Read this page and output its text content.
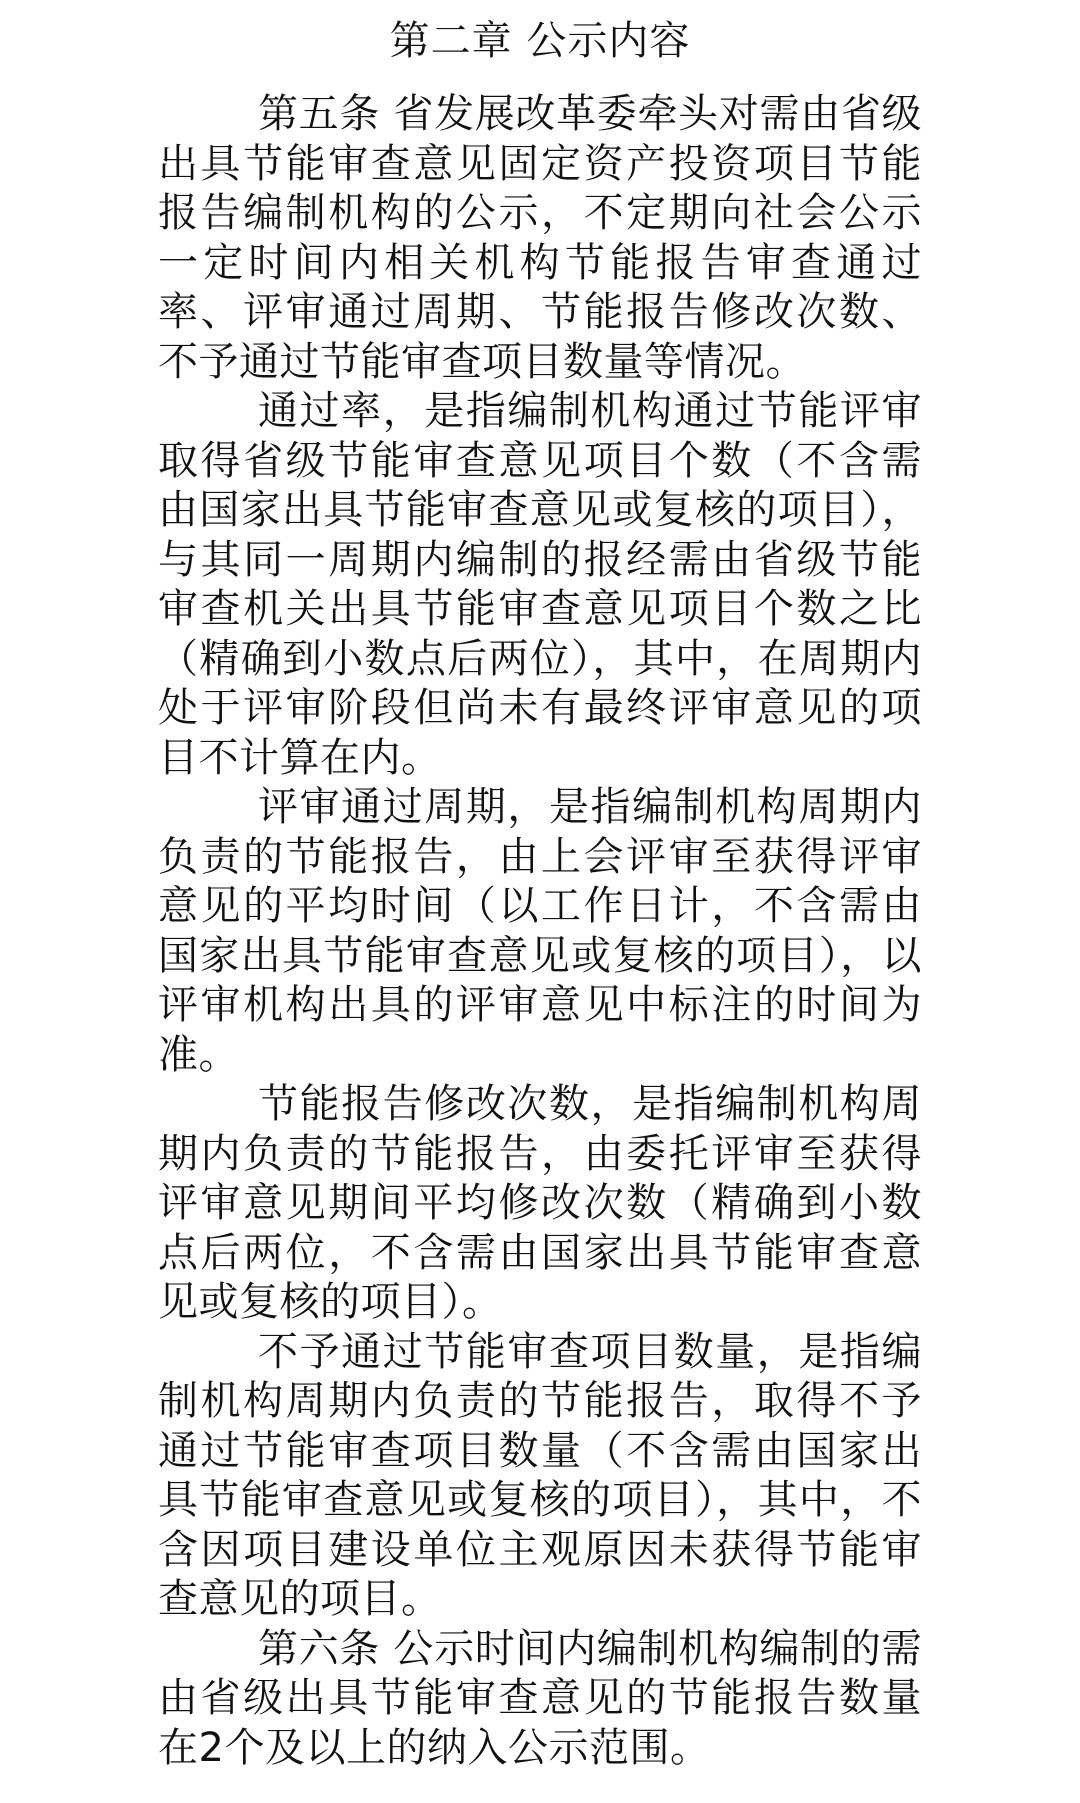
第二章 公示内容

第五条 省发展改革委牵头对需由省级出具节能审查意见固定资产投资项目节能报告编制机构的公示，不定期向社会公示一定时间内相关机构节能报告审查通过率、评审通过周期、节能报告修改次数、不予通过节能审查项目数量等情况。

通过率，是指编制机构通过节能评审取得省级节能审查意见项目个数（不含需由国家出具节能审查意见或复核的项目），与其同一周期内编制的报经需由省级节能审查机关出具节能审查意见项目个数之比（精确到小数点后两位），其中，在周期内处于评审阶段但尚未有最终评审意见的项目不计算在内。

评审通过周期，是指编制机构周期内负责的节能报告，由上会评审至获得评审意见的平均时间（以工作日计，不含需由国家出具节能审查意见或复核的项目），以评审机构出具的评审意见中标注的时间为准。

节能报告修改次数，是指编制机构周期内负责的节能报告，由委托评审至获得评审意见期间平均修改次数（精确到小数点后两位，不含需由国家出具节能审查意见或复核的项目）。

不予通过节能审查项目数量，是指编制机构周期内负责的节能报告，取得不予通过节能审查项目数量（不含需由国家出具节能审查意见或复核的项目），其中，不含因项目建设单位主观原因未获得节能审查意见的项目。

第六条 公示时间内编制机构编制的需由省级出具节能审查意见的节能报告数量在2个及以上的纳入公示范围。
